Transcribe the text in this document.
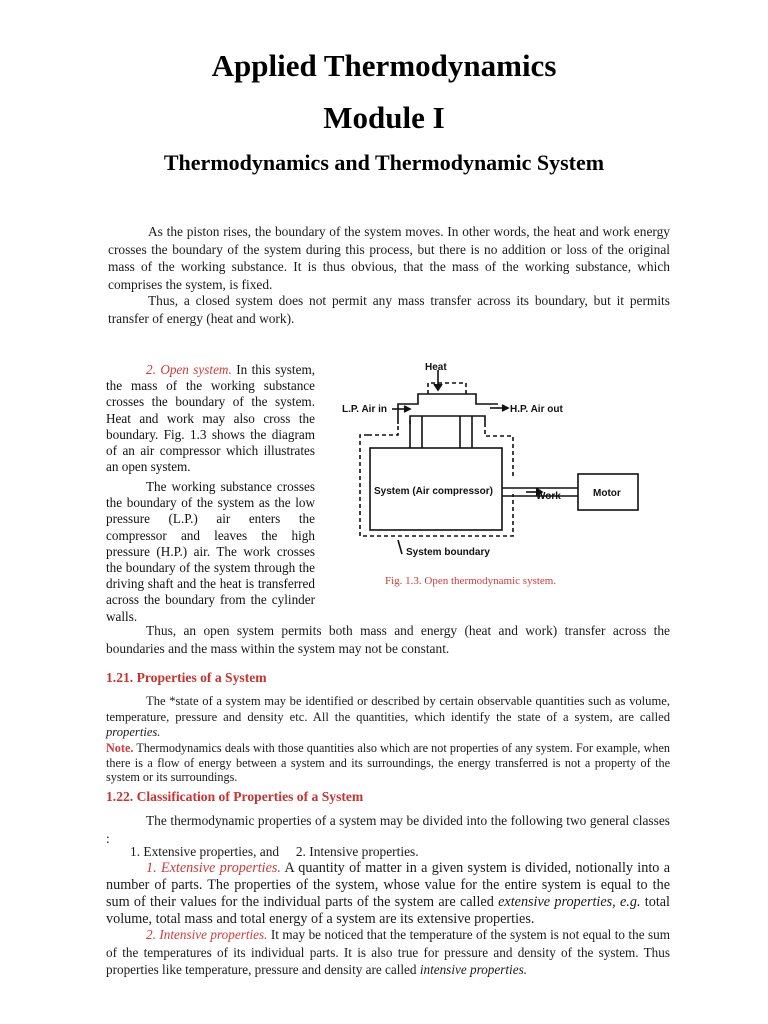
Applied Thermodynamics
Module I
Thermodynamics and Thermodynamic System
As the piston rises, the boundary of the system moves. In other words, the heat and work energy crosses the boundary of the system during this process, but there is no addition or loss of the original mass of the working substance. It is thus obvious, that the mass of the working substance, which comprises the system, is fixed.
Thus, a closed system does not permit any mass transfer across its boundary, but it permits transfer of energy (heat and work).
2. Open system. In this system, the mass of the working substance crosses the boundary of the system. Heat and work may also cross the boundary. Fig. 1.3 shows the diagram of an air compressor which illustrates an open system.
The working substance crosses the boundary of the system as the low pressure (L.P.) air enters the compressor and leaves the high pressure (H.P.) air. The work crosses the boundary of the system through the driving shaft and the heat is transferred across the boundary from the cylinder walls.
Heat
L.P. Air in	H.P. Air out
System (Air compressor)	Work	Motor
System boundary
Fig. 1.3. Open thermodynamic system.
Thus, an open system permits both mass and energy (heat and work) transfer across the boundaries and the mass within the system may not be constant.
1.21. Properties of a System
The *state of a system may be identified or described by certain observable quantities such as volume, temperature, pressure and density etc. All the quantities, which identify the state of a system, are called properties.
Note. Thermodynamics deals with those quantities also which are not properties of any system. For example, when there is a flow of energy between a system and its surroundings, the energy transferred is not a property of the system or its surroundings.
1.22. Classification of Properties of a System
The thermodynamic properties of a system may be divided into the following two general classes :
1. Extensive properties, and     2. Intensive properties.
1. Extensive properties. A quantity of matter in a given system is divided, notionally into a number of parts. The properties of the system, whose value for the entire system is equal to the sum of their values for the individual parts of the system are called extensive properties, e.g. total volume, total mass and total energy of a system are its extensive properties.
2. Intensive properties. It may be noticed that the temperature of the system is not equal to the sum of the temperatures of its individual parts. It is also true for pressure and density of the system. Thus properties like temperature, pressure and density are called intensive properties.
